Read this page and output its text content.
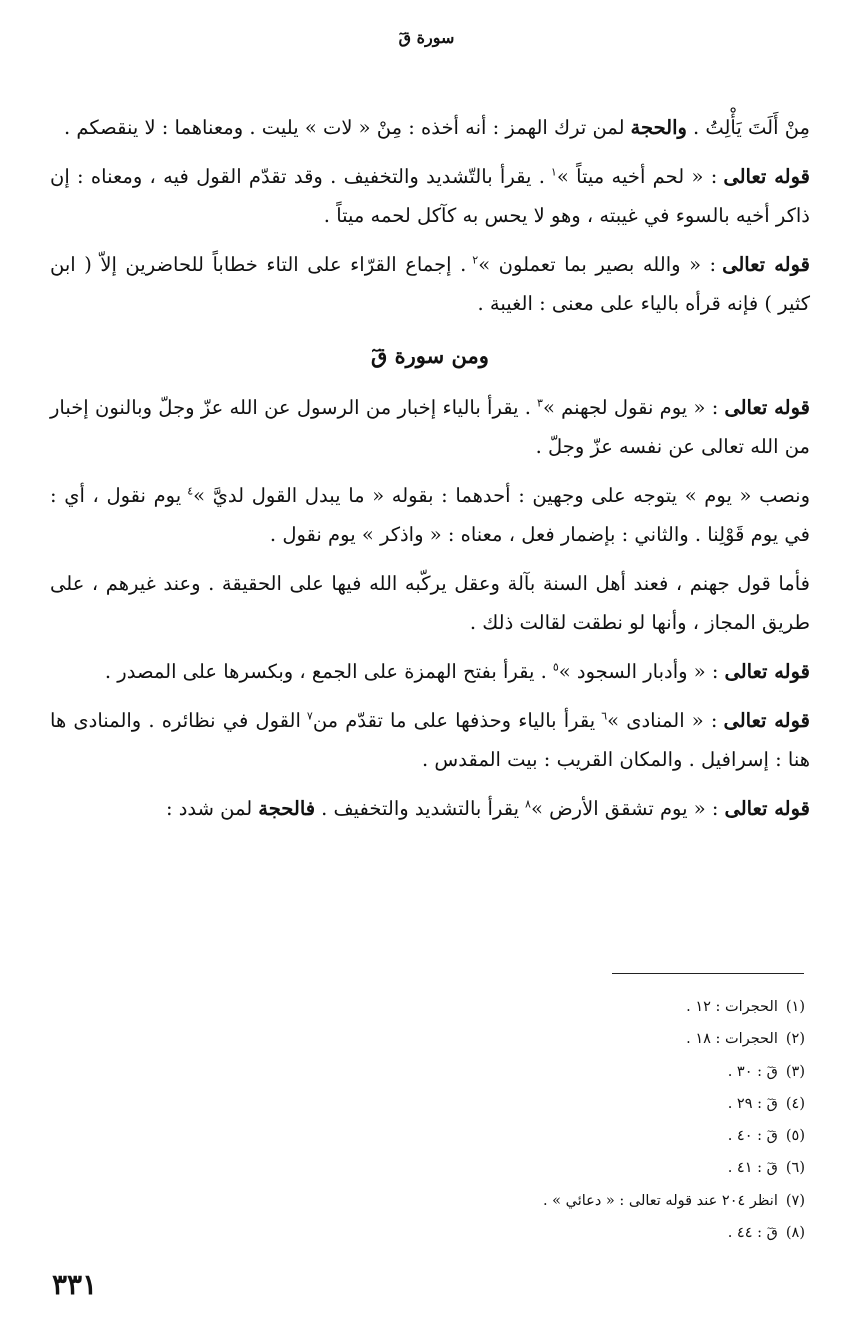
سورة قٓ

مِنْ أَلَتَ يَأْلِتُ .والحجةلمن ترك الهمز : أنه أخذه : مِنْ « لات » يليت . ومعناهما : لا ينقصكم .

قوله تعالى: « لحم أخيه ميتاً »$^١$. يقرأ بالتّشديد والتخفيف . وقد تقدّم القول فيه ، ومعناه : إن ذاكر أخيه بالسوء في غيبته ، وهو لا يحس به كآكل لحمه ميتاً .

قوله تعالى: « والله بصير بما تعملون »$^٢$. إجماع القرّاء على التاء خطاباً للحاضرين إلاّ ( ابن كثير ) فإنه قرأه بالياء على معنى : الغيبة .

ومن سورة قٓ

قوله تعالى: « يوم نقول لجهنم »$^٣$. يقرأ بالياء إخبار من الرسول عن الله عزّ وجلّ وبالنون إخبار من الله تعالى عن نفسه عزّ وجلّ .

ونصب « يوم » يتوجه على وجهين : أحدهما : بقوله « ما يبدل القول لديَّ »$^٤$يوم نقول ، أي : في يوم قَوْلِنا . والثاني : بإضمار فعل ، معناه : « واذكر » يوم نقول .

فأما قول جهنم ، فعند أهل السنة بآلة وعقل يركّبه الله فيها على الحقيقة . وعند غيرهم ، على طريق المجاز ، وأنها لو نطقت لقالت ذلك .

قوله تعالى: « وأدبار السجود »$^٥$. يقرأ بفتح الهمزة على الجمع ، وبكسرها على المصدر .

قوله تعالى: « المنادى »$^٦$يقرأ بالياء وحذفها على ما تقدّم من$^٧$القول في نظائره . والمنادى ها هنا : إسرافيل . والمكان القريب : بيت المقدس .

قوله تعالى: « يوم تشقق الأرض »$^٨$يقرأ بالتشديد والتخفيف .فالحجةلمن شدد :

(١)الحجرات : ١٢ .
(٢)الحجرات : ١٨ .
(٣)قٓ : ٣٠ .
(٤)قٓ : ٢٩ .
(٥)قٓ : ٤٠ .
(٦)قٓ : ٤١ .
(٧)انظر ٢٠٤ عند قوله تعالى : « دعائي » .
(٨)قٓ : ٤٤ .
٣٣١
